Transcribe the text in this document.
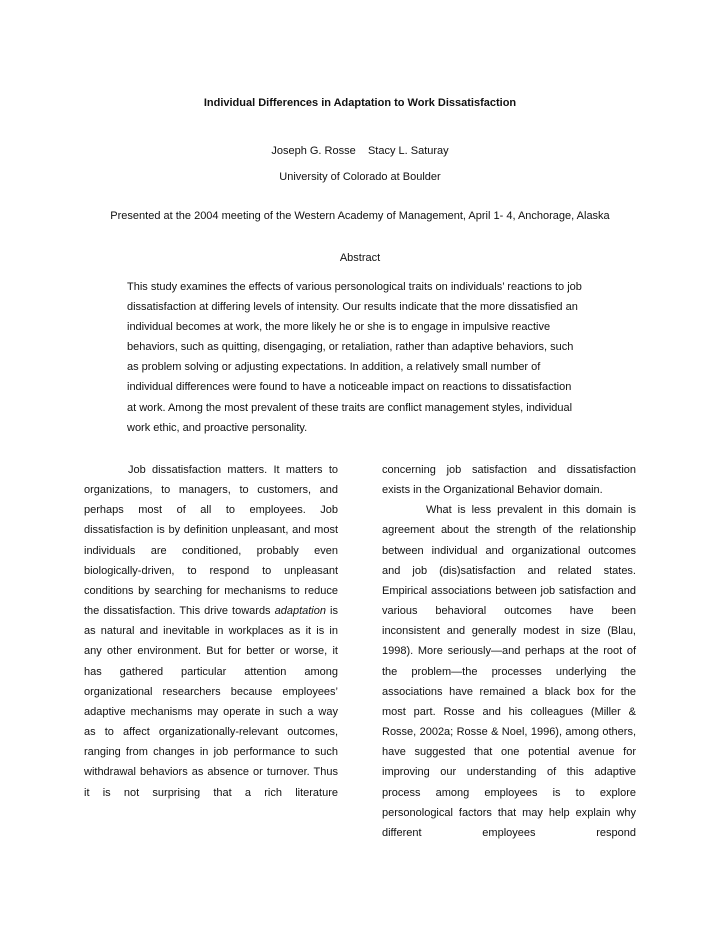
Individual Differences in Adaptation to Work Dissatisfaction
Joseph G. Rosse    Stacy L. Saturay
University of Colorado at Boulder
Presented at the 2004 meeting of the Western Academy of Management, April 1- 4, Anchorage, Alaska
Abstract

This study examines the effects of various personological traits on individuals’ reactions to job dissatisfaction at differing levels of intensity. Our results indicate that the more dissatisfied an individual becomes at work, the more likely he or she is to engage in impulsive reactive behaviors, such as quitting, disengaging, or retaliation, rather than adaptive behaviors, such as problem solving or adjusting expectations. In addition, a relatively small number of individual differences were found to have a noticeable impact on reactions to dissatisfaction at work. Among the most prevalent of these traits are conflict management styles, individual work ethic, and proactive personality.

Job dissatisfaction matters. It matters to organizations, to managers, to customers, and perhaps most of all to employees. Job dissatisfaction is by definition unpleasant, and most individuals are conditioned, probably even biologically-driven, to respond to unpleasant conditions by searching for mechanisms to reduce the dissatisfaction. This drive towards adaptation is as natural and inevitable in workplaces as it is in any other environment. But for better or worse, it has gathered particular attention among organizational researchers because employees’ adaptive mechanisms may operate in such a way as to affect organizationally-relevant outcomes, ranging from changes in job performance to such withdrawal behaviors as absence or turnover. Thus it is not surprising that a rich literature

concerning job satisfaction and dissatisfaction exists in the Organizational Behavior domain.

What is less prevalent in this domain is agreement about the strength of the relationship between individual and organizational outcomes and job (dis)satisfaction and related states. Empirical associations between job satisfaction and various behavioral outcomes have been inconsistent and generally modest in size (Blau, 1998). More seriously—and perhaps at the root of the problem—the processes underlying the associations have remained a black box for the most part. Rosse and his colleagues (Miller & Rosse, 2002a; Rosse & Noel, 1996), among others, have suggested that one potential avenue for improving our understanding of this adaptive process among employees is to explore personological factors that may help explain why different employees respond
